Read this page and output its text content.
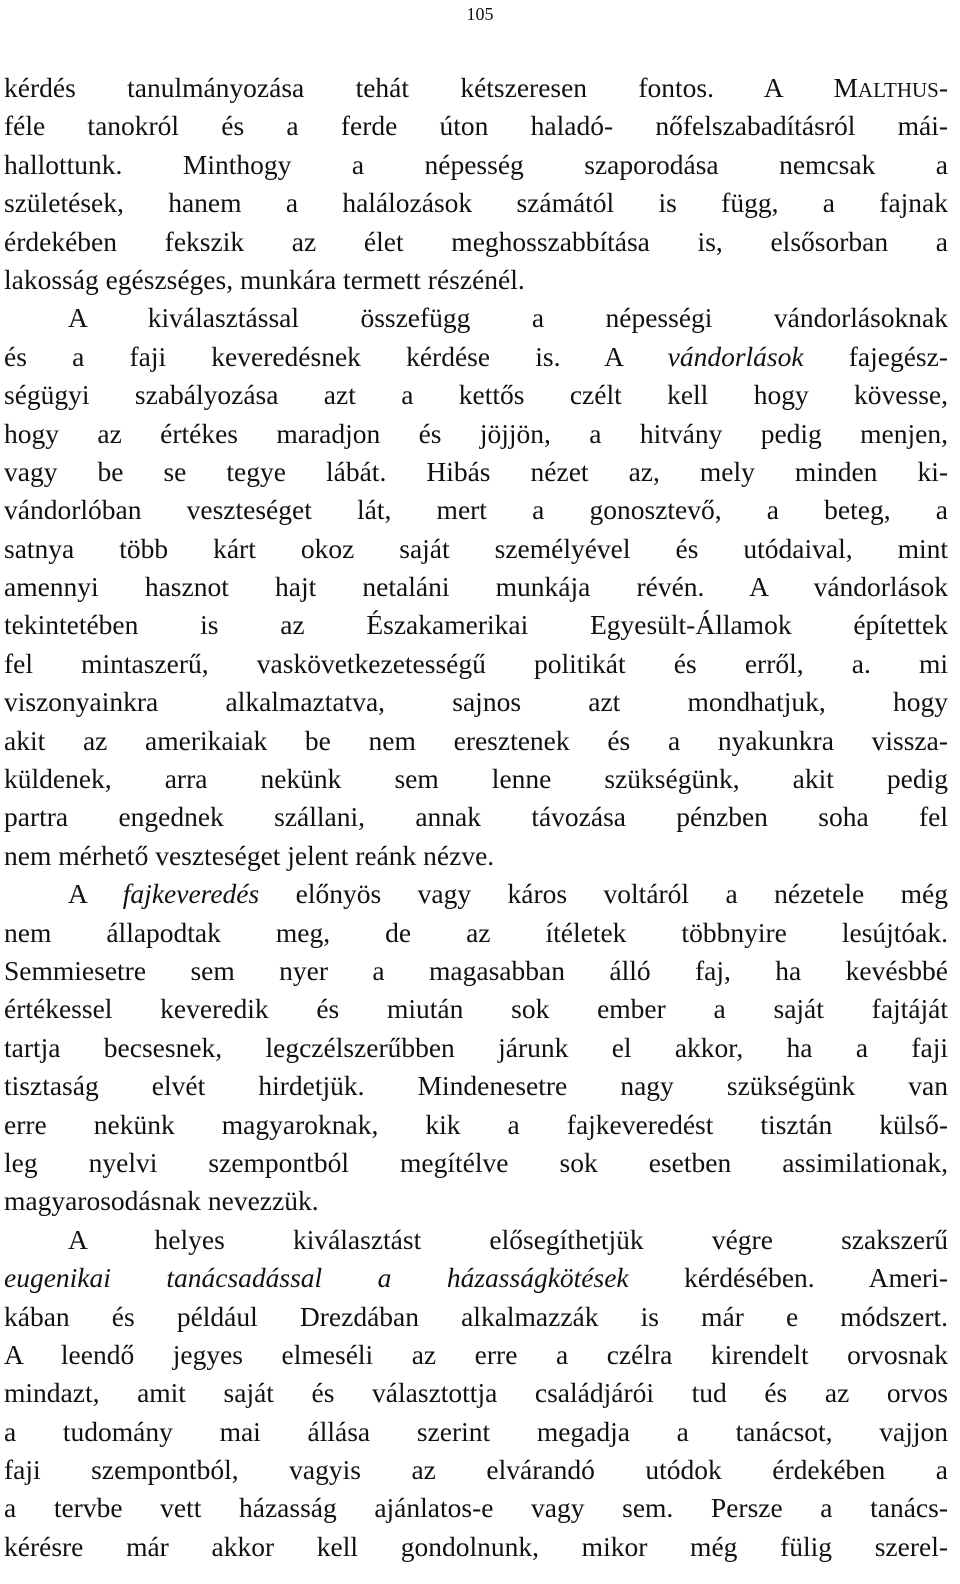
105
kérdés tanulmányozása tehát kétszeresen fontos. A MALTHUS-
féle tanokról és a ferde úton haladó- nőfelszabadításról mái-
hallottunk. Minthogy a népesség szaporodása nemcsak a
születések, hanem a halálozások számától is függ, a fajnak
érdekében fekszik az élet meghosszabbítása is, elsősorban a
lakosság egészséges, munkára termett részénél.
A kiválasztással összefügg a népességi vándorlásoknak
és a faji keveredésnek kérdése is. A vándorlások fajegész-
ségügyi szabályozása azt a kettős czélt kell hogy kövesse,
hogy az értékes maradjon és jöjjön, a hitvány pedig menjen,
vagy be se tegye lábát. Hibás nézet az, mely minden ki-
vándorlóban veszteséget lát, mert a gonosztevő, a beteg, a
satnya több kárt okoz saját személyével és utódaival, mint
amennyi hasznot hajt netaláni munkája révén. A vándorlások
tekintetében is az Északamerikai Egyesült-Államok építettek
fel mintaszerű, vaskövetkezetességű politikát és erről, a. mi
viszonyainkra alkalmaztatva, sajnos azt mondhatjuk, hogy
akit az amerikaiak be nem eresztenek és a nyakunkra vissza-
küldenek, arra nekünk sem lenne szükségünk, akit pedig
partra engednek szállani, annak távozása pénzben soha fel
nem mérhető veszteséget jelent reánk nézve.
A fajkeveredés előnyös vagy káros voltáról a nézetele még
nem állapodtak meg, de az ítéletek többnyire lesújtóak.
Semmiesetre sem nyer a magasabban álló faj, ha kevésbbé
értékessel keveredik és miután sok ember a saját fajtáját
tartja becsesnek, legczélszerűbben járunk el akkor, ha a faji
tisztaság elvét hirdetjük. Mindenesetre nagy szükségünk van
erre nekünk magyaroknak, kik a fajkeveredést tisztán külső-
leg nyelvi szempontból megítélve sok esetben assimilationak,
magyarosodásnak nevezzük.
A helyes kiválasztást elősegíthetjük végre szakszerű
eugenikai tanácsadással a házasságkötések kérdésében. Ameri-
kában és például Drezdában alkalmazzák is már e módszert.
A leendő jegyes elmeséli az erre a czélra kirendelt orvosnak
mindazt, amit saját és választottja családjárói tud és az orvos
a tudomány mai állása szerint megadja a tanácsot, vajjon
faji szempontból, vagyis az elvárandó utódok érdekében a
a tervbe vett házasság ajánlatos-e vagy sem. Persze a tanács-
kérésre már akkor kell gondolnunk, mikor még fülig szerel-
